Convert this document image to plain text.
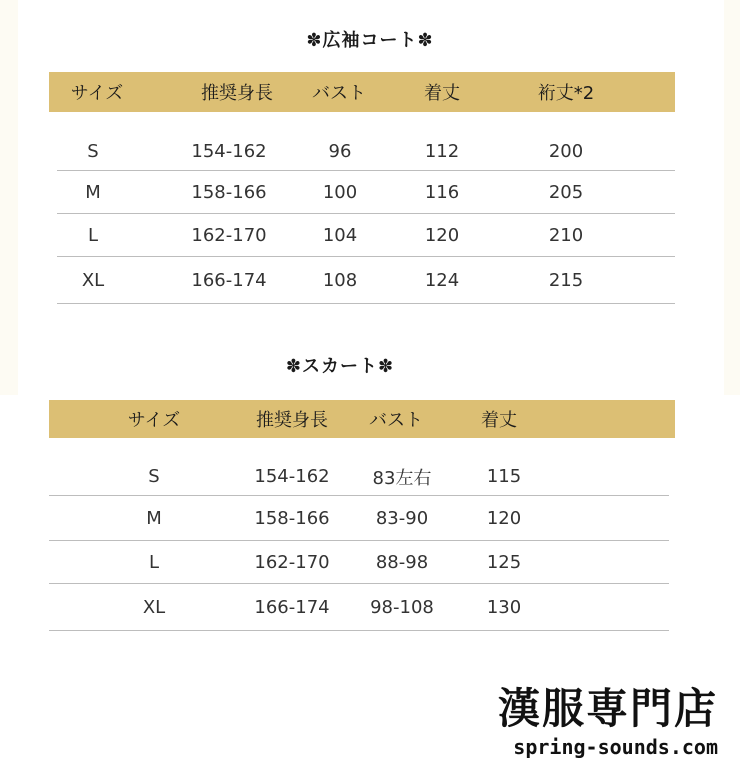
✽広袖コート✽
サイズ	推奨身長	バスト	着丈	裄丈*2
S	154-162	96	112	200
M	158-166	100	116	205
L	162-170	104	120	210
XL	166-174	108	124	215
✽スカート✽
サイズ	推奨身長	バスト	着丈
S	154-162	83左右	115
M	158-166	83-90	120
L	162-170	88-98	125
XL	166-174	98-108	130
漢服専門店
spring-sounds.com
